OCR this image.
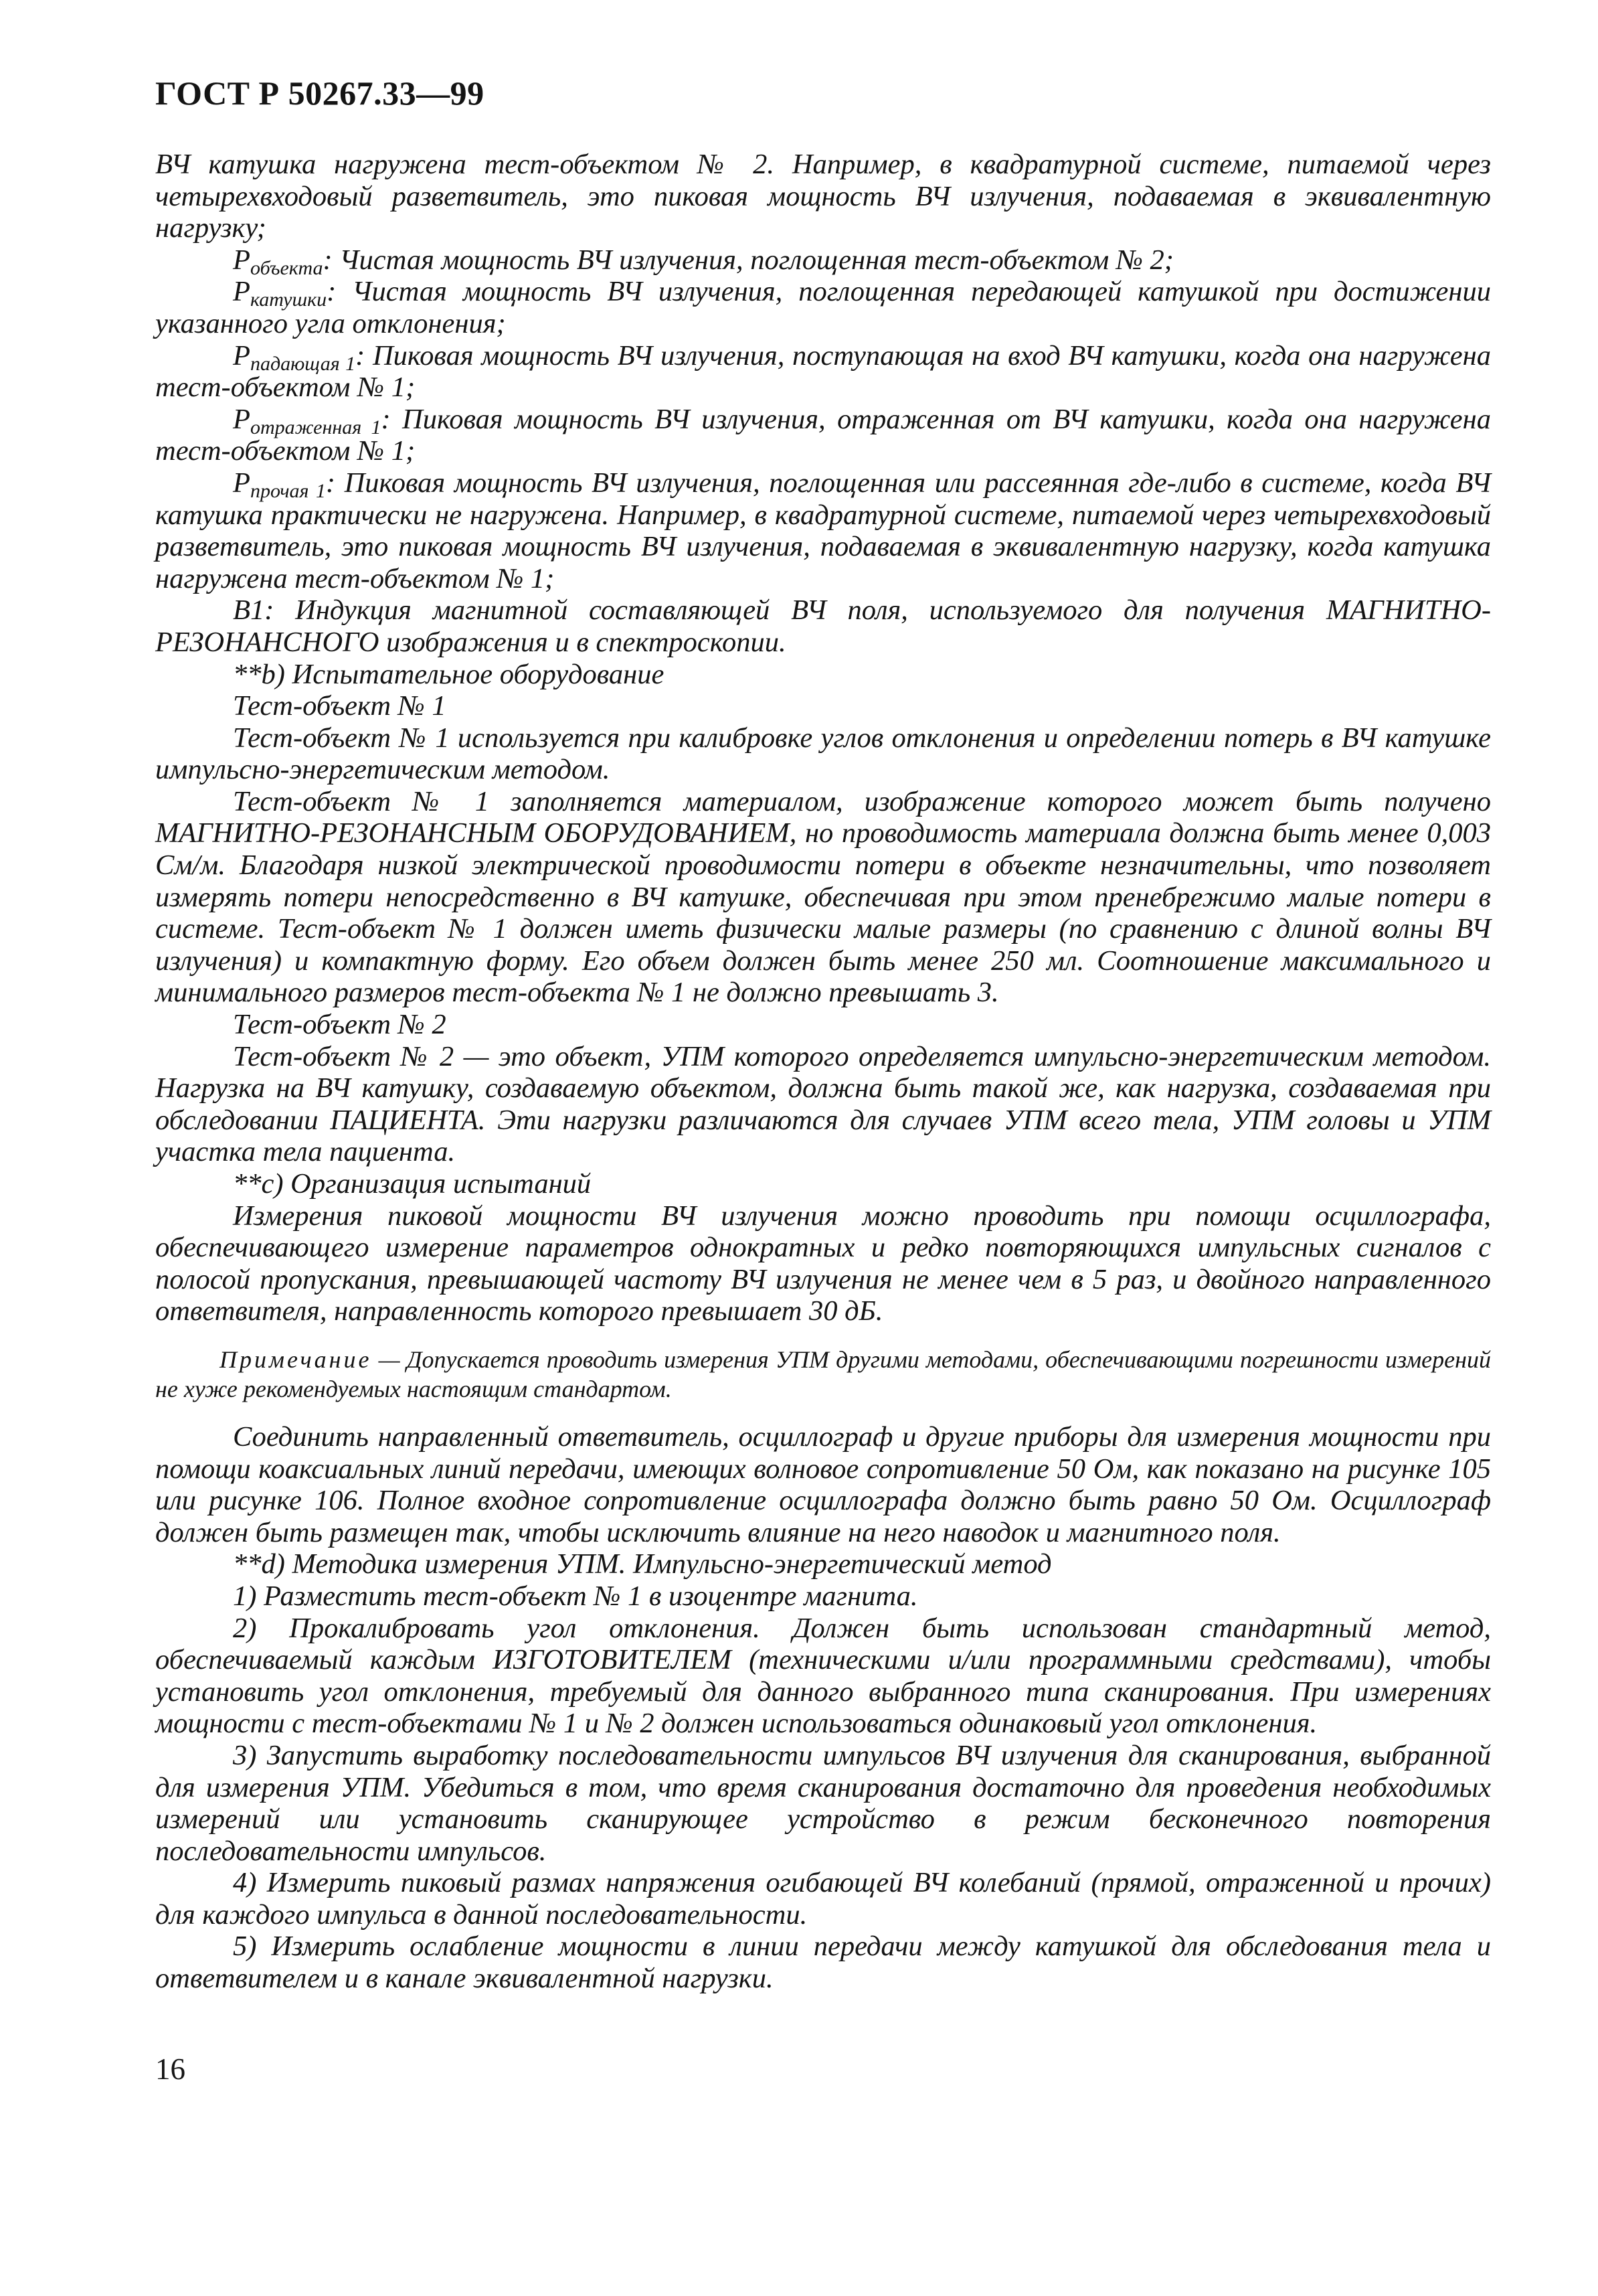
ГОСТ Р 50267.33—99

ВЧ катушка нагружена тест-объектом № 2. Например, в квадратурной системе, питаемой через четырехвходовый разветвитель, это пиковая мощность ВЧ излучения, подаваемая в эквивалентную нагрузку;

$P_{объекта}$: Чистая мощность ВЧ излучения, поглощенная тест-объектом № 2;

$P_{катушки}$: Чистая мощность ВЧ излучения, поглощенная передающей катушкой при достижении указанного угла отклонения;

$P_{падающая 1}$: Пиковая мощность ВЧ излучения, поступающая на вход ВЧ катушки, когда она нагружена тест-объектом № 1;

$P_{отраженная 1}$: Пиковая мощность ВЧ излучения, отраженная от ВЧ катушки, когда она нагружена тест-объектом № 1;

$P_{прочая 1}$: Пиковая мощность ВЧ излучения, поглощенная или рассеянная где-либо в системе, когда ВЧ катушка практически не нагружена. Например, в квадратурной системе, питаемой через четырехвходовый разветвитель, это пиковая мощность ВЧ излучения, подаваемая в эквивалентную нагрузку, когда катушка нагружена тест-объектом № 1;

B1: Индукция магнитной составляющей ВЧ поля, используемого для получения МАГНИТНО-РЕЗОНАНСНОГО изображения и в спектроскопии.

**b) Испытательное оборудование

Тест-объект № 1

Тест-объект № 1 используется при калибровке углов отклонения и определении потерь в ВЧ катушке импульсно-энергетическим методом.

Тест-объект № 1 заполняется материалом, изображение которого может быть получено МАГНИТНО-РЕЗОНАНСНЫМ ОБОРУДОВАНИЕМ, но проводимость материала должна быть менее 0,003 См/м. Благодаря низкой электрической проводимости потери в объекте незначительны, что позволяет измерять потери непосредственно в ВЧ катушке, обеспечивая при этом пренебрежимо малые потери в системе. Тест-объект № 1 должен иметь физически малые размеры (по сравнению с длиной волны ВЧ излучения) и компактную форму. Его объем должен быть менее 250 мл. Соотношение максимального и минимального размеров тест-объекта № 1 не должно превышать 3.

Тест-объект № 2

Тест-объект № 2 — это объект, УПМ которого определяется импульсно-энергетическим методом. Нагрузка на ВЧ катушку, создаваемую объектом, должна быть такой же, как нагрузка, создаваемая при обследовании ПАЦИЕНТА. Эти нагрузки различаются для случаев УПМ всего тела, УПМ головы и УПМ участка тела пациента.

**c) Организация испытаний

Измерения пиковой мощности ВЧ излучения можно проводить при помощи осциллографа, обеспечивающего измерение параметров однократных и редко повторяющихся импульсных сигналов с полосой пропускания, превышающей частоту ВЧ излучения не менее чем в 5 раз, и двойного направленного ответвителя, направленность которого превышает 30 дБ.

Примечание — Допускается проводить измерения УПМ другими методами, обеспечивающими погрешности измерений не хуже рекомендуемых настоящим стандартом.

Соединить направленный ответвитель, осциллограф и другие приборы для измерения мощности при помощи коаксиальных линий передачи, имеющих волновое сопротивление 50 Ом, как показано на рисунке 105 или рисунке 106. Полное входное сопротивление осциллографа должно быть равно 50 Ом. Осциллограф должен быть размещен так, чтобы исключить влияние на него наводок и магнитного поля.

**d) Методика измерения УПМ. Импульсно-энергетический метод

1) Разместить тест-объект № 1 в изоцентре магнита.

2) Прокалибровать угол отклонения. Должен быть использован стандартный метод, обеспечиваемый каждым ИЗГОТОВИТЕЛЕМ (техническими и/или программными средствами), чтобы установить угол отклонения, требуемый для данного выбранного типа сканирования. При измерениях мощности с тест-объектами № 1 и № 2 должен использоваться одинаковый угол отклонения.

3) Запустить выработку последовательности импульсов ВЧ излучения для сканирования, выбранной для измерения УПМ. Убедиться в том, что время сканирования достаточно для проведения необходимых измерений или установить сканирующее устройство в режим бесконечного повторения последовательности импульсов.

4) Измерить пиковый размах напряжения огибающей ВЧ колебаний (прямой, отраженной и прочих) для каждого импульса в данной последовательности.

5) Измерить ослабление мощности в линии передачи между катушкой для обследования тела и ответвителем и в канале эквивалентной нагрузки.

16
